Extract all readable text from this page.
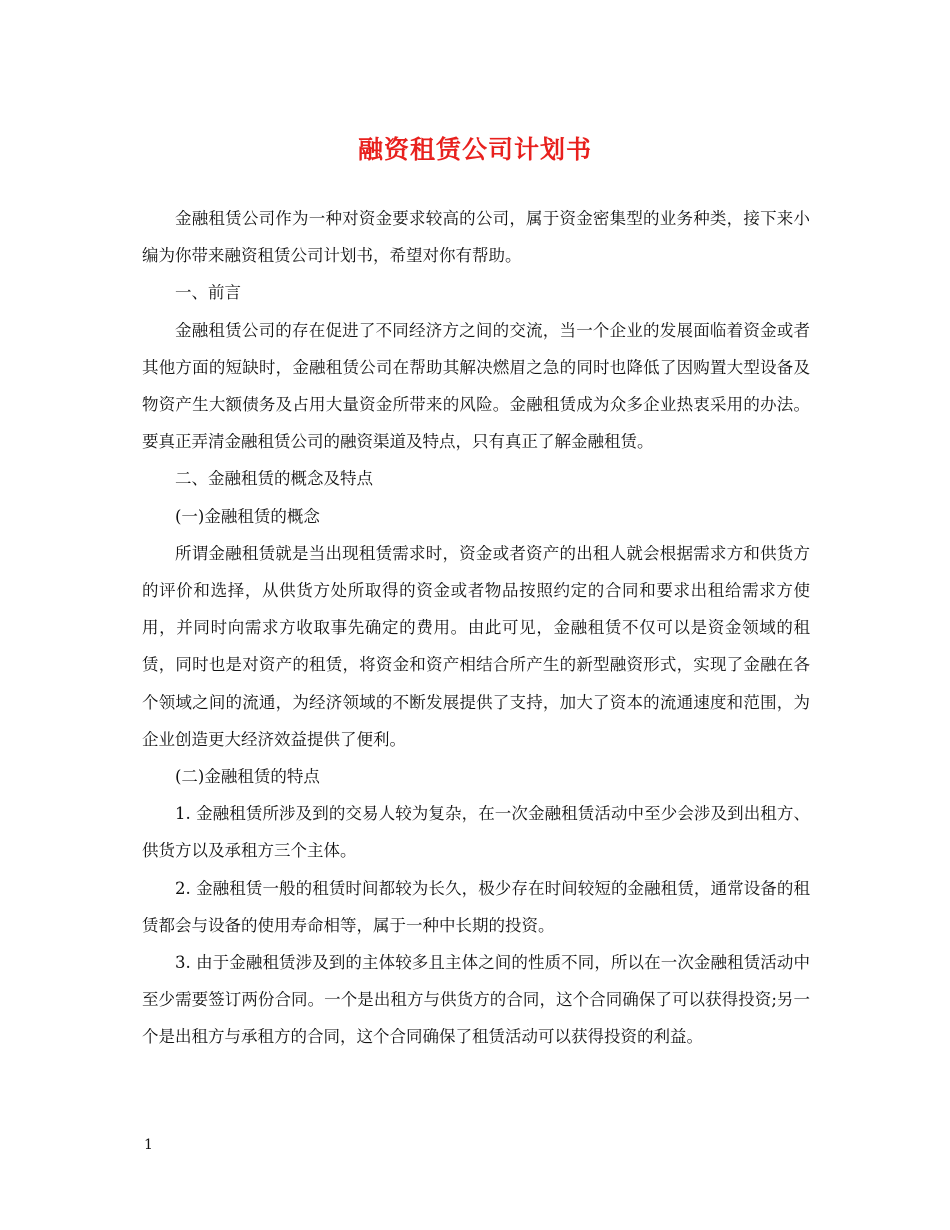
融资租赁公司计划书

金融租赁公司作为一种对资金要求较高的公司，属于资金密集型的业务种类，接下来小编为你带来融资租赁公司计划书，希望对你有帮助。

一、前言

金融租赁公司的存在促进了不同经济方之间的交流，当一个企业的发展面临着资金或者其他方面的短缺时，金融租赁公司在帮助其解决燃眉之急的同时也降低了因购置大型设备及物资产生大额债务及占用大量资金所带来的风险。金融租赁成为众多企业热衷采用的办法。要真正弄清金融租赁公司的融资渠道及特点，只有真正了解金融租赁。

二、金融租赁的概念及特点

(一)金融租赁的概念

所谓金融租赁就是当出现租赁需求时，资金或者资产的出租人就会根据需求方和供货方的评价和选择，从供货方处所取得的资金或者物品按照约定的合同和要求出租给需求方使用，并同时向需求方收取事先确定的费用。由此可见，金融租赁不仅可以是资金领域的租赁，同时也是对资产的租赁，将资金和资产相结合所产生的新型融资形式，实现了金融在各个领域之间的流通，为经济领域的不断发展提供了支持，加大了资本的流通速度和范围，为企业创造更大经济效益提供了便利。

(二)金融租赁的特点

1. 金融租赁所涉及到的交易人较为复杂，在一次金融租赁活动中至少会涉及到出租方、供货方以及承租方三个主体。

2. 金融租赁一般的租赁时间都较为长久，极少存在时间较短的金融租赁，通常设备的租赁都会与设备的使用寿命相等，属于一种中长期的投资。

3. 由于金融租赁涉及到的主体较多且主体之间的性质不同，所以在一次金融租赁活动中至少需要签订两份合同。一个是出租方与供货方的合同，这个合同确保了可以获得投资;另一个是出租方与承租方的合同，这个合同确保了租赁活动可以获得投资的利益。

1
